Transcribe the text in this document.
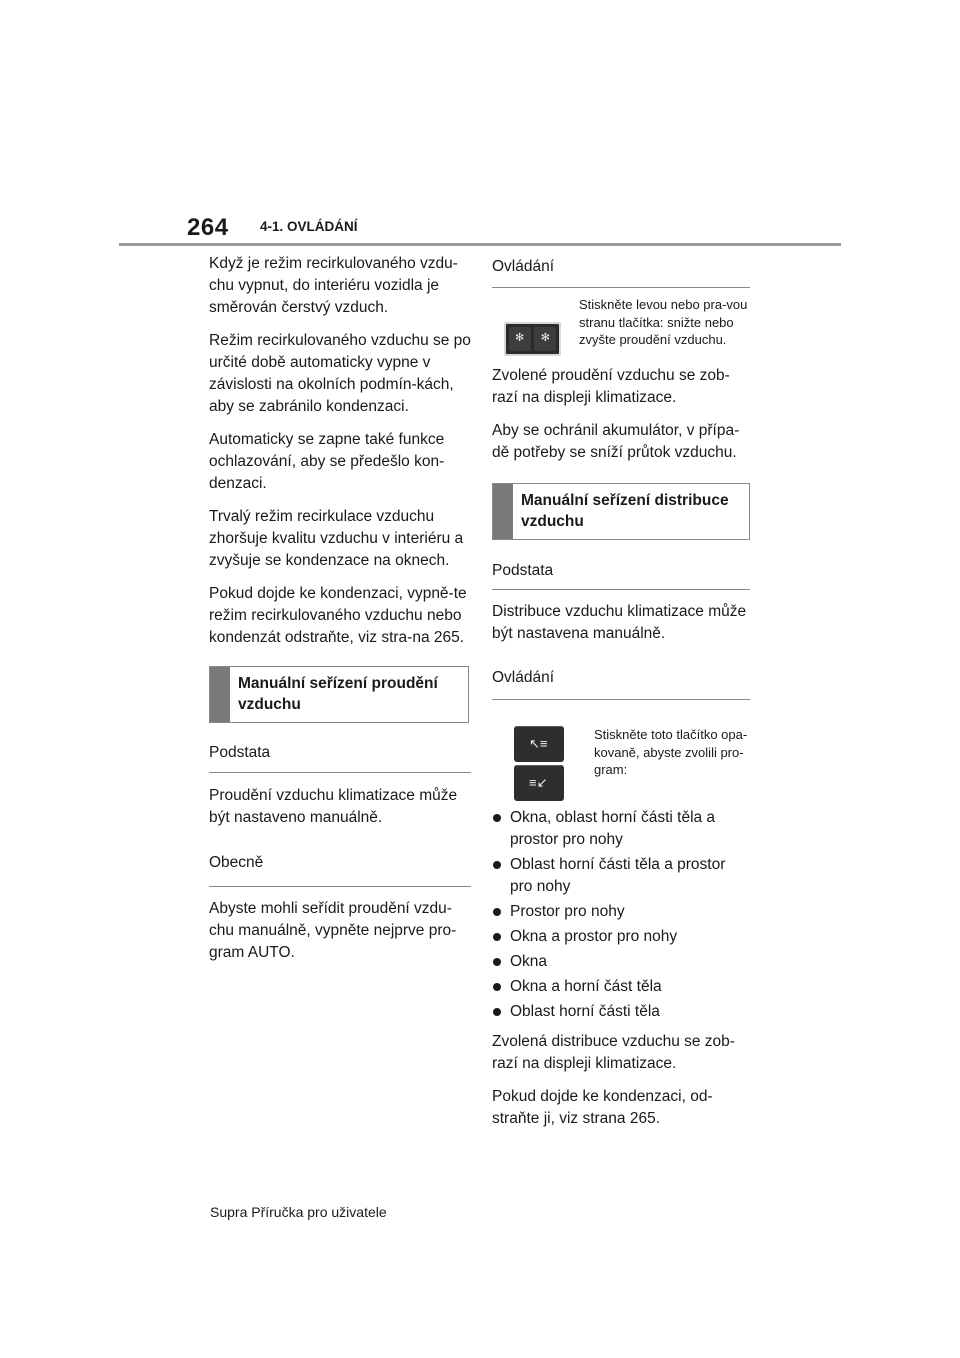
264 4-1. OVLÁDÁNÍ

Když je režim recirkulovaného vzdu-chu vypnut, do interiéru vozidla je směrován čerstvý vzduch.

Režim recirkulovaného vzduchu se po určité době automaticky vypne v závislosti na okolních podmín-kách, aby se zabránilo kondenzaci.

Automaticky se zapne také funkce ochlazování, aby se předešlo kon-denzaci.

Trvalý režim recirkulace vzduchu zhoršuje kvalitu vzduchu v interiéru a zvyšuje se kondenzace na oknech.

Pokud dojde ke kondenzaci, vypně-te režim recirkulovaného vzduchu nebo kondenzát odstraňte, viz stra-na 265.

Manuální seřízení proudění vzduchu
Podstata

Proudění vzduchu klimatizace může být nastaveno manuálně.

Obecně

Abyste mohli seřídit proudění vzdu-chu manuálně, vypněte nejprve pro-gram AUTO.

Ovládání
✻ ✻
Stiskněte levou nebo pra-vou stranu tlačítka: snižte nebo zvyšte proudění vzduchu.

Zvolené proudění vzduchu se zob-razí na displeji klimatizace.

Aby se ochránil akumulátor, v přípa-dě potřeby se sníží průtok vzduchu.

Manuální seřízení distribuce vzduchu
Podstata

Distribuce vzduchu klimatizace může být nastavena manuálně.

Ovládání
↖≡
≡↙
Stiskněte toto tlačítko opa-kovaně, abyste zvolili pro-gram:
Okna, oblast horní části těla a prostor pro nohy
Oblast horní části těla a prostor pro nohy
Prostor pro nohy
Okna a prostor pro nohy
Okna
Okna a horní část těla
Oblast horní části těla

Zvolená distribuce vzduchu se zob-razí na displeji klimatizace.

Pokud dojde ke kondenzaci, od-straňte ji, viz strana 265.

Supra Příručka pro uživatele
